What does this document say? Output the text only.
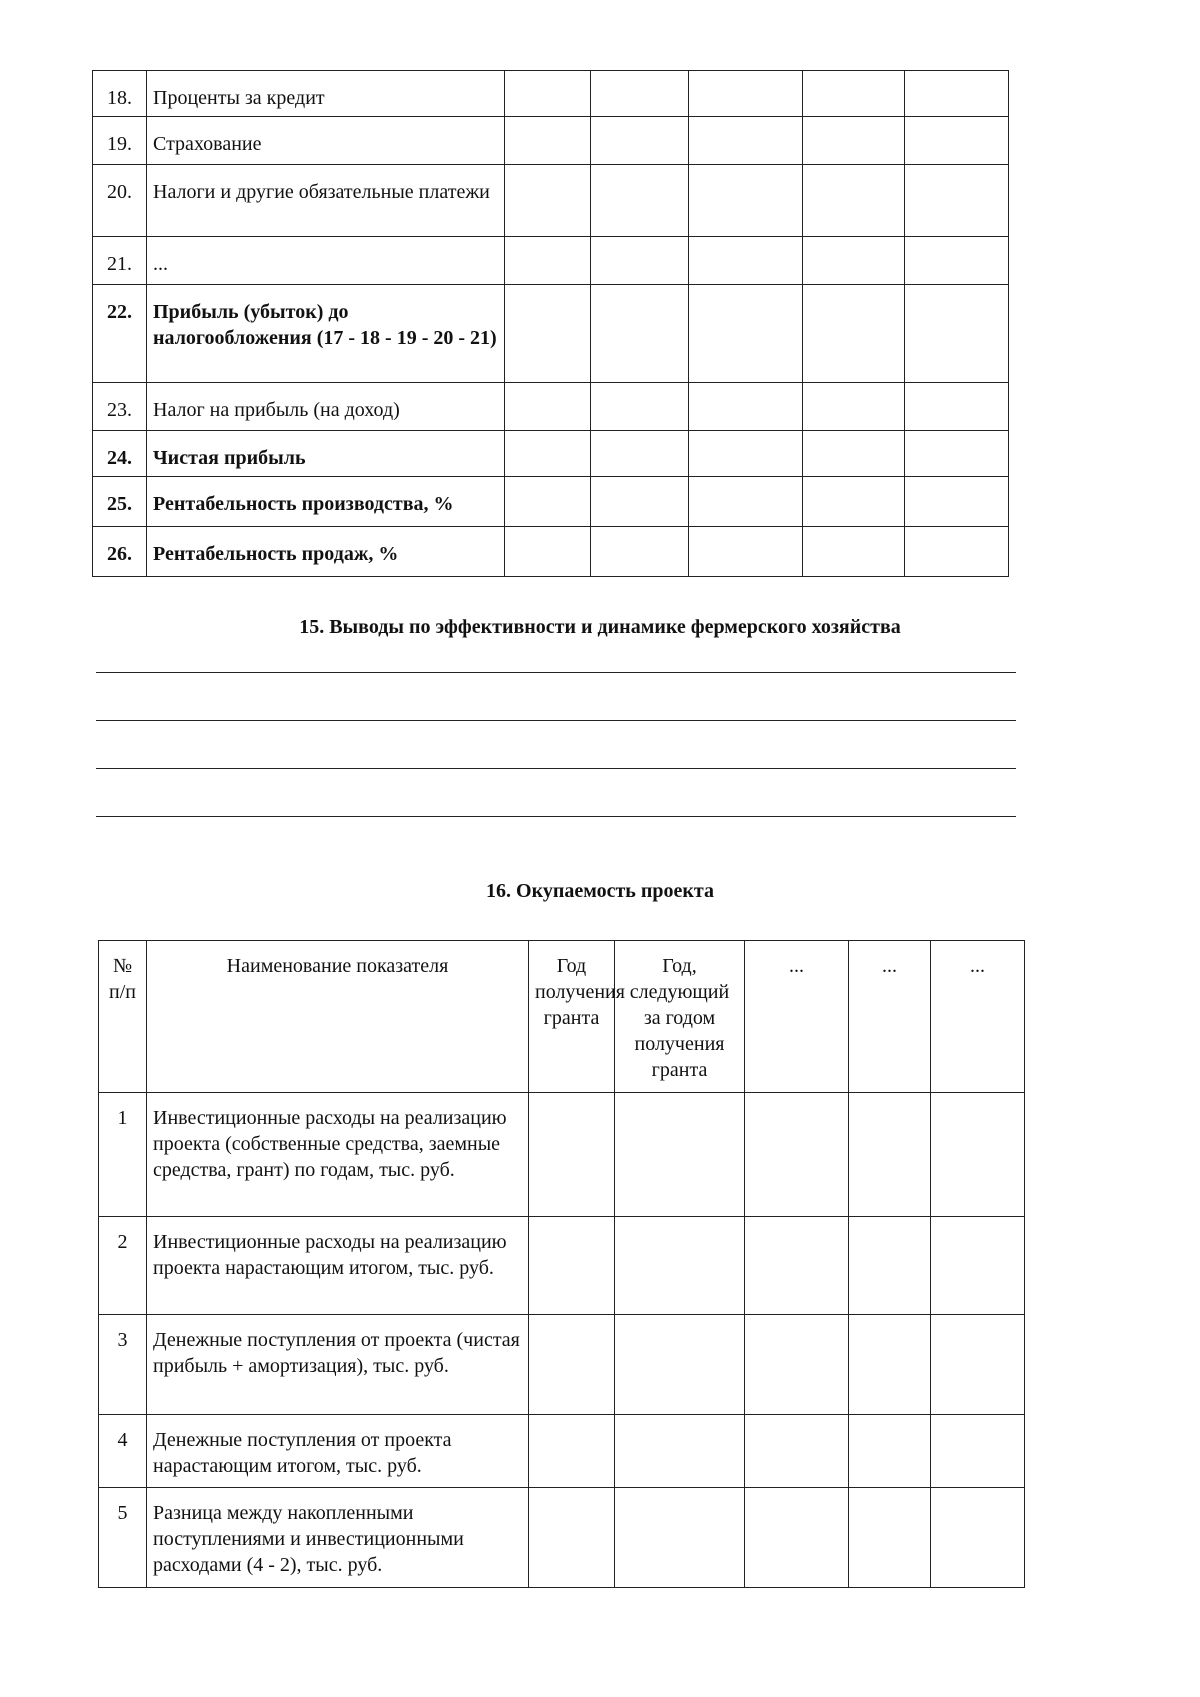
18.	Проценты за кредит					
19.	Страхование					
20.	Налоги и другие обязательные платежи					
21.	...					
22.	Прибыль (убыток) до налогообложения (17 - 18 - 19 - 20 - 21)					
23.	Налог на прибыль (на доход)					
24.	Чистая прибыль					
25.	Рентабельность производства, %					
26.	Рентабельность продаж, %					
15. Выводы по эффективности и динамике фермерского хозяйства
16. Окупаемость проекта
№ п/п	Наименование показателя	Год получения гранта	Год, следующий за годом получения гранта	...	...	...
1	Инвестиционные расходы на реализацию проекта (собственные средства, заемные средства, грант) по годам, тыс. руб.					
2	Инвестиционные расходы на реализацию проекта нарастающим итогом, тыс. руб.					
3	Денежные поступления от проекта (чистая прибыль + амортизация), тыс. руб.					
4	Денежные поступления от проекта нарастающим итогом, тыс. руб.					
5	Разница между накопленными поступлениями и инвестиционными расходами (4 - 2), тыс. руб.					
